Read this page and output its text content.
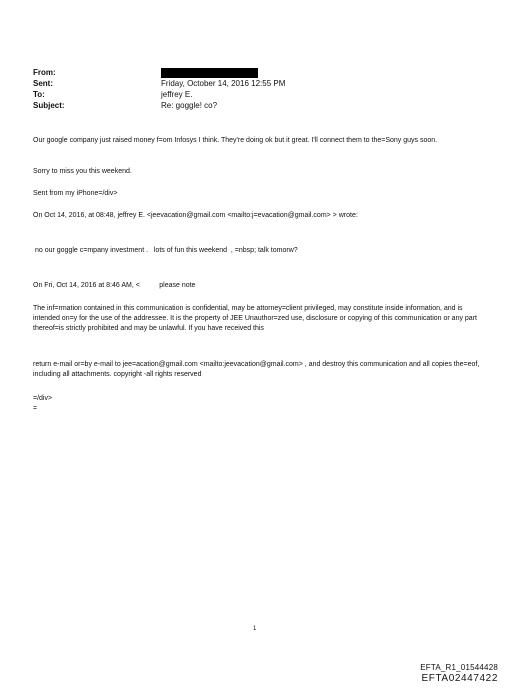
From:
Sent:	Friday, October 14, 2016 12:55 PM
To:	jeffrey E.
Subject:	Re: goggle! co?
Our google company just raised money f=om Infosys I think. They're doing ok but it great. I'll connect them to the=Sony guys soon.
Sorry to miss you this weekend.
Sent from my iPhone=/div>
On Oct 14, 2016, at 08:48, jeffrey E. <jeevacation@gmail.com <mailto:j=evacation@gmail.com> > wrote:
no our goggle c=mpany investment .   lots of fun this weekend  , =nbsp; talk tomorw?
On Fri, Oct 14, 2016 at 8:46 AM, <          please note
The inf=rmation contained in this communication is confidential, may be attorney=client privileged, may constitute inside information, and is intended on=y for the use of the addressee. It is the property of JEE Unauthor=zed use, disclosure or copying of this communication or any part thereof=is strictly prohibited and may be unlawful. If you have received this
return e-mail or=by e-mail to jee=acation@gmail.com <mailto:jeevacation@gmail.com> , and destroy this communication and all copies the=eof, including all attachments. copyright -all rights reserved
=/div>
=
1
EFTA_R1_01544428
EFTA02447422
